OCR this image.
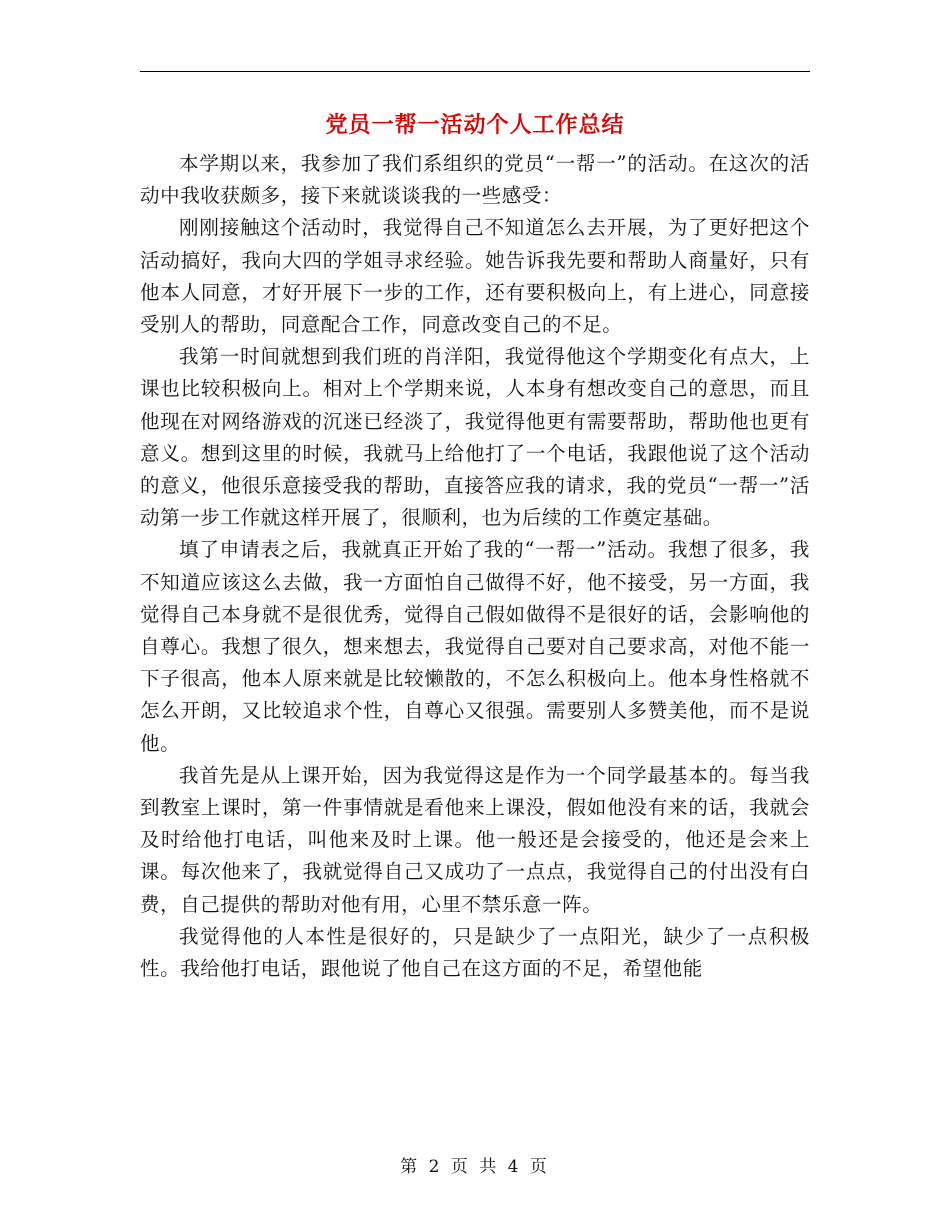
党员一帮一活动个人工作总结

本学期以来，我参加了我们系组织的党员“一帮一”的活动。在这次的活动中我收获颇多，接下来就谈谈我的一些感受：

刚刚接触这个活动时，我觉得自己不知道怎么去开展，为了更好把这个活动搞好，我向大四的学姐寻求经验。她告诉我先要和帮助人商量好，只有他本人同意，才好开展下一步的工作，还有要积极向上，有上进心，同意接受别人的帮助，同意配合工作，同意改变自己的不足。

我第一时间就想到我们班的肖洋阳，我觉得他这个学期变化有点大，上课也比较积极向上。相对上个学期来说，人本身有想改变自己的意思，而且他现在对网络游戏的沉迷已经淡了，我觉得他更有需要帮助，帮助他也更有意义。想到这里的时候，我就马上给他打了一个电话，我跟他说了这个活动的意义，他很乐意接受我的帮助，直接答应我的请求，我的党员“一帮一”活动第一步工作就这样开展了，很顺利，也为后续的工作奠定基础。

填了申请表之后，我就真正开始了我的“一帮一”活动。我想了很多，我不知道应该这么去做，我一方面怕自己做得不好，他不接受，另一方面，我觉得自己本身就不是很优秀，觉得自己假如做得不是很好的话，会影响他的自尊心。我想了很久，想来想去，我觉得自己要对自己要求高，对他不能一下子很高，他本人原来就是比较懒散的，不怎么积极向上。他本身性格就不怎么开朗，又比较追求个性，自尊心又很强。需要别人多赞美他，而不是说他。

我首先是从上课开始，因为我觉得这是作为一个同学最基本的。每当我到教室上课时，第一件事情就是看他来上课没，假如他没有来的话，我就会及时给他打电话，叫他来及时上课。他一般还是会接受的，他还是会来上课。每次他来了，我就觉得自己又成功了一点点，我觉得自己的付出没有白费，自己提供的帮助对他有用，心里不禁乐意一阵。

我觉得他的人本性是很好的，只是缺少了一点阳光，缺少了一点积极性。我给他打电话，跟他说了他自己在这方面的不足，希望他能

第 2 页 共 4 页
